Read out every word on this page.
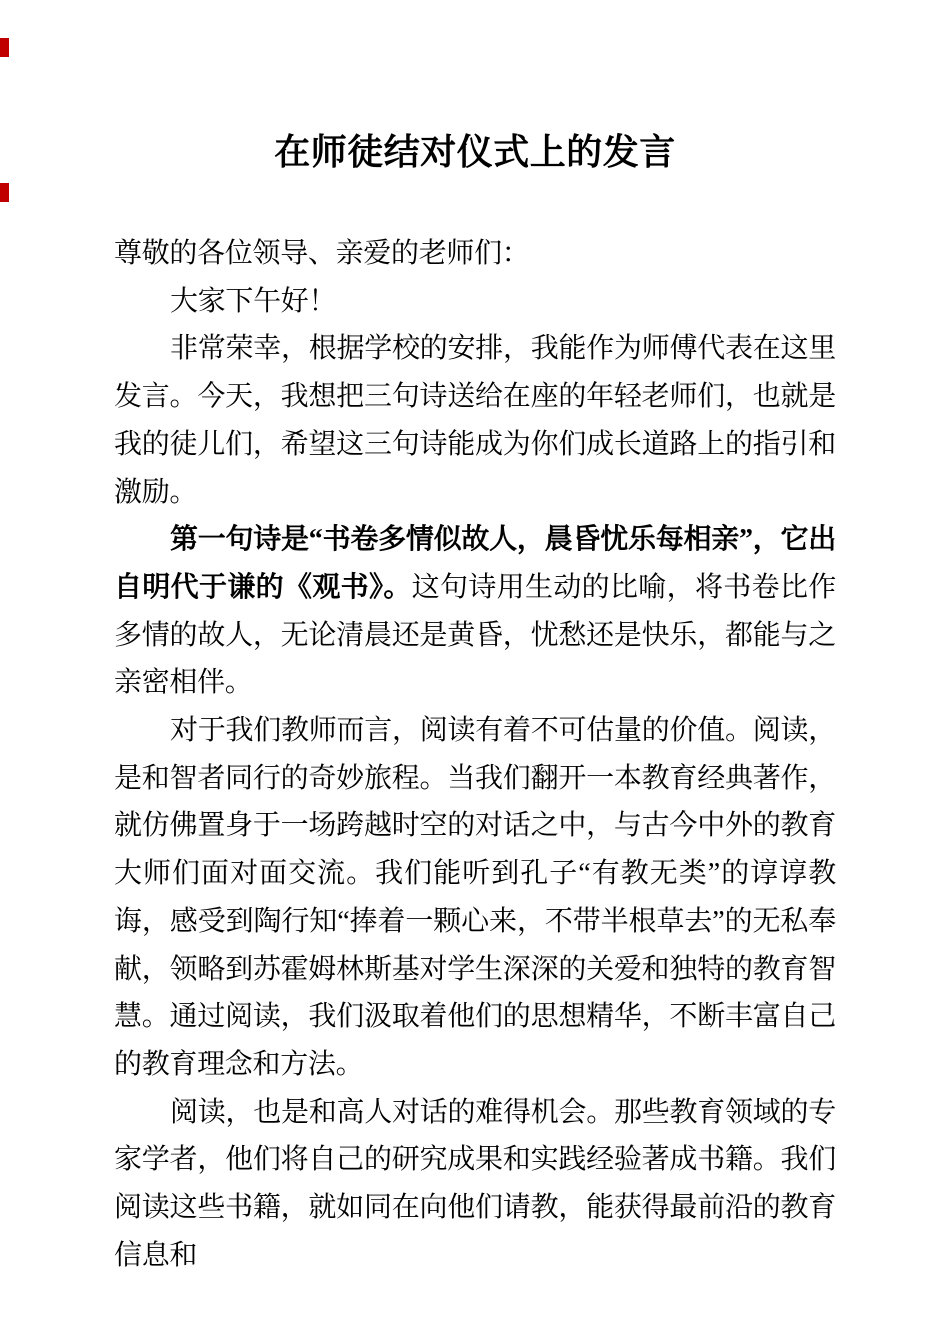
在师徒结对仪式上的发言

尊敬的各位领导、亲爱的老师们：

大家下午好！

非常荣幸，根据学校的安排，我能作为师傅代表在这里发言。今天，我想把三句诗送给在座的年轻老师们，也就是我的徒儿们，希望这三句诗能成为你们成长道路上的指引和激励。

第一句诗是“书卷多情似故人，晨昏忧乐每相亲”，它出自明代于谦的《观书》。这句诗用生动的比喻，将书卷比作多情的故人，无论清晨还是黄昏，忧愁还是快乐，都能与之亲密相伴。

对于我们教师而言，阅读有着不可估量的价值。阅读，是和智者同行的奇妙旅程。当我们翻开一本教育经典著作，就仿佛置身于一场跨越时空的对话之中，与古今中外的教育大师们面对面交流。我们能听到孔子“有教无类”的谆谆教诲，感受到陶行知“捧着一颗心来，不带半根草去”的无私奉献，领略到苏霍姆林斯基对学生深深的关爱和独特的教育智慧。通过阅读，我们汲取着他们的思想精华，不断丰富自己的教育理念和方法。

阅读，也是和高人对话的难得机会。那些教育领域的专家学者，他们将自己的研究成果和实践经验著成书籍。我们阅读这些书籍，就如同在向他们请教，能获得最前沿的教育信息和
